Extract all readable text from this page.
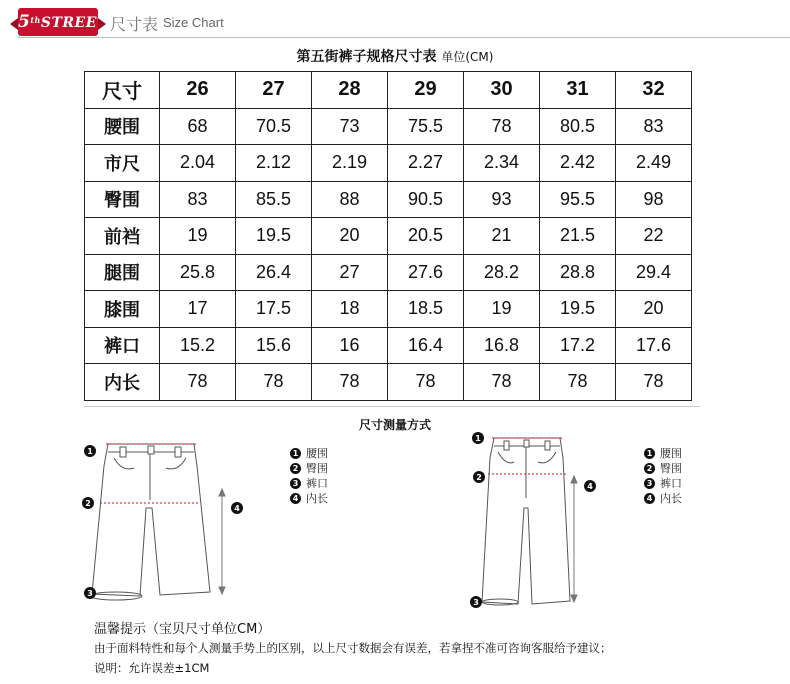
5thSTREET 尺寸表 Size Chart
第五街裤子规格尺寸表 单位(CM)
尺寸	26	27	28	29	30	31	32
腰围	68	70.5	73	75.5	78	80.5	83
市尺	2.04	2.12	2.19	2.27	2.34	2.42	2.49
臀围	83	85.5	88	90.5	93	95.5	98
前裆	19	19.5	20	20.5	21	21.5	22
腿围	25.8	26.4	27	27.6	28.2	28.8	29.4
膝围	17	17.5	18	18.5	19	19.5	20
裤口	15.2	15.6	16	16.4	16.8	17.2	17.6
内长	78	78	78	78	78	78	78
尺寸测量方式
1
2
3
4
1
2
3
4
1 腰围
2 臀围
3 裤口
4 内长
1 腰围
2 臀围
3 裤口
4 内长
温馨提示（宝贝尺寸单位CM）
由于面料特性和每个人测量手势上的区别，以上尺寸数据会有误差，若拿捏不准可咨询客服给予建议；
说明：允许误差±1CM
